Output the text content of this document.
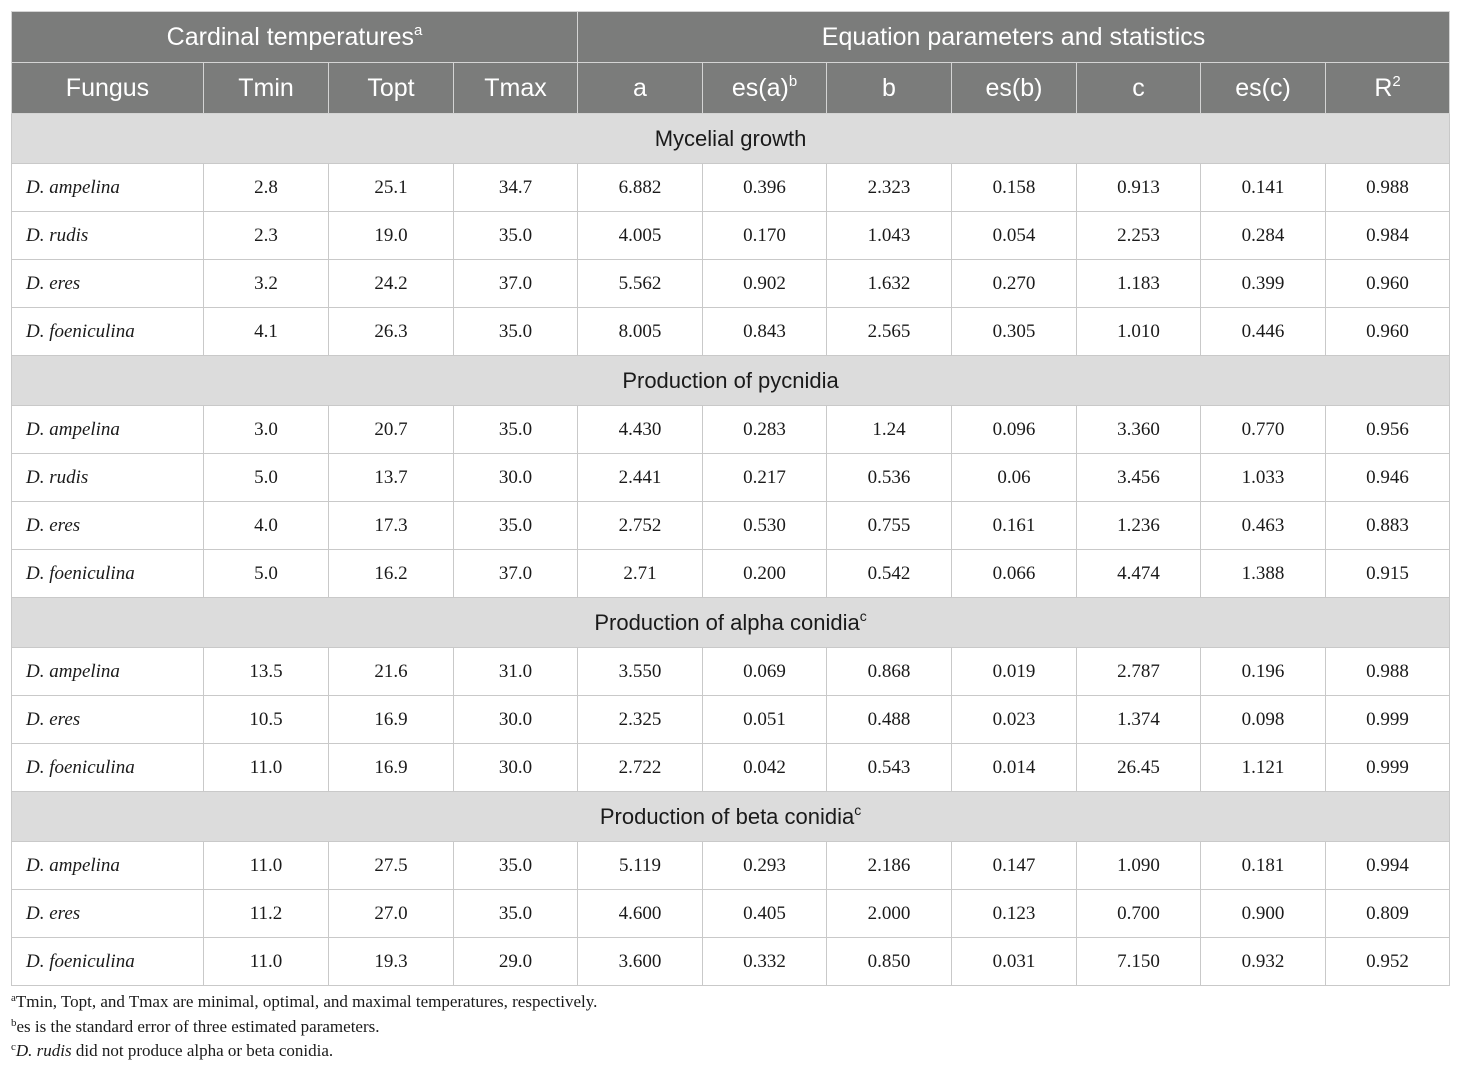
Cardinal temperatures$^a$				Equation parameters and statistics						
Fungus	Tmin	Topt	Tmax	a	$es(a)^b$	b	es(b)	c	es(c)	$R^2$
Mycelial growth										
D. ampelina	2.8	25.1	34.7	6.882	0.396	2.323	0.158	0.913	0.141	0.988
D. rudis	2.3	19.0	35.0	4.005	0.170	1.043	0.054	2.253	0.284	0.984
D. eres	3.2	24.2	37.0	5.562	0.902	1.632	0.270	1.183	0.399	0.960
D. foeniculina	4.1	26.3	35.0	8.005	0.843	2.565	0.305	1.010	0.446	0.960
Production of pycnidia										
D. ampelina	3.0	20.7	35.0	4.430	0.283	1.24	0.096	3.360	0.770	0.956
D. rudis	5.0	13.7	30.0	2.441	0.217	0.536	0.06	3.456	1.033	0.946
D. eres	4.0	17.3	35.0	2.752	0.530	0.755	0.161	1.236	0.463	0.883
D. foeniculina	5.0	16.2	37.0	2.71	0.200	0.542	0.066	4.474	1.388	0.915
Production of alpha conidia$^c$
D. ampelina	13.5	21.6	31.0	3.550	0.069	0.868	0.019	2.787	0.196	0.988
D. eres	10.5	16.9	30.0	2.325	0.051	0.488	0.023	1.374	0.098	0.999
D. foeniculina	11.0	16.9	30.0	2.722	0.042	0.543	0.014	26.45	1.121	0.999
Production of beta conidia$^c$
D. ampelina	11.0	27.5	35.0	5.119	0.293	2.186	0.147	1.090	0.181	0.994
D. eres	11.2	27.0	35.0	4.600	0.405	2.000	0.123	0.700	0.900	0.809
D. foeniculina	11.0	19.3	29.0	3.600	0.332	0.850	0.031	7.150	0.932	0.952
$^a$Tmin, Topt, and Tmax are minimal, optimal, and maximal temperatures, respectively.
$^b$es is the standard error of three estimated parameters.
$^c$D. rudis did not produce alpha or beta conidia.
